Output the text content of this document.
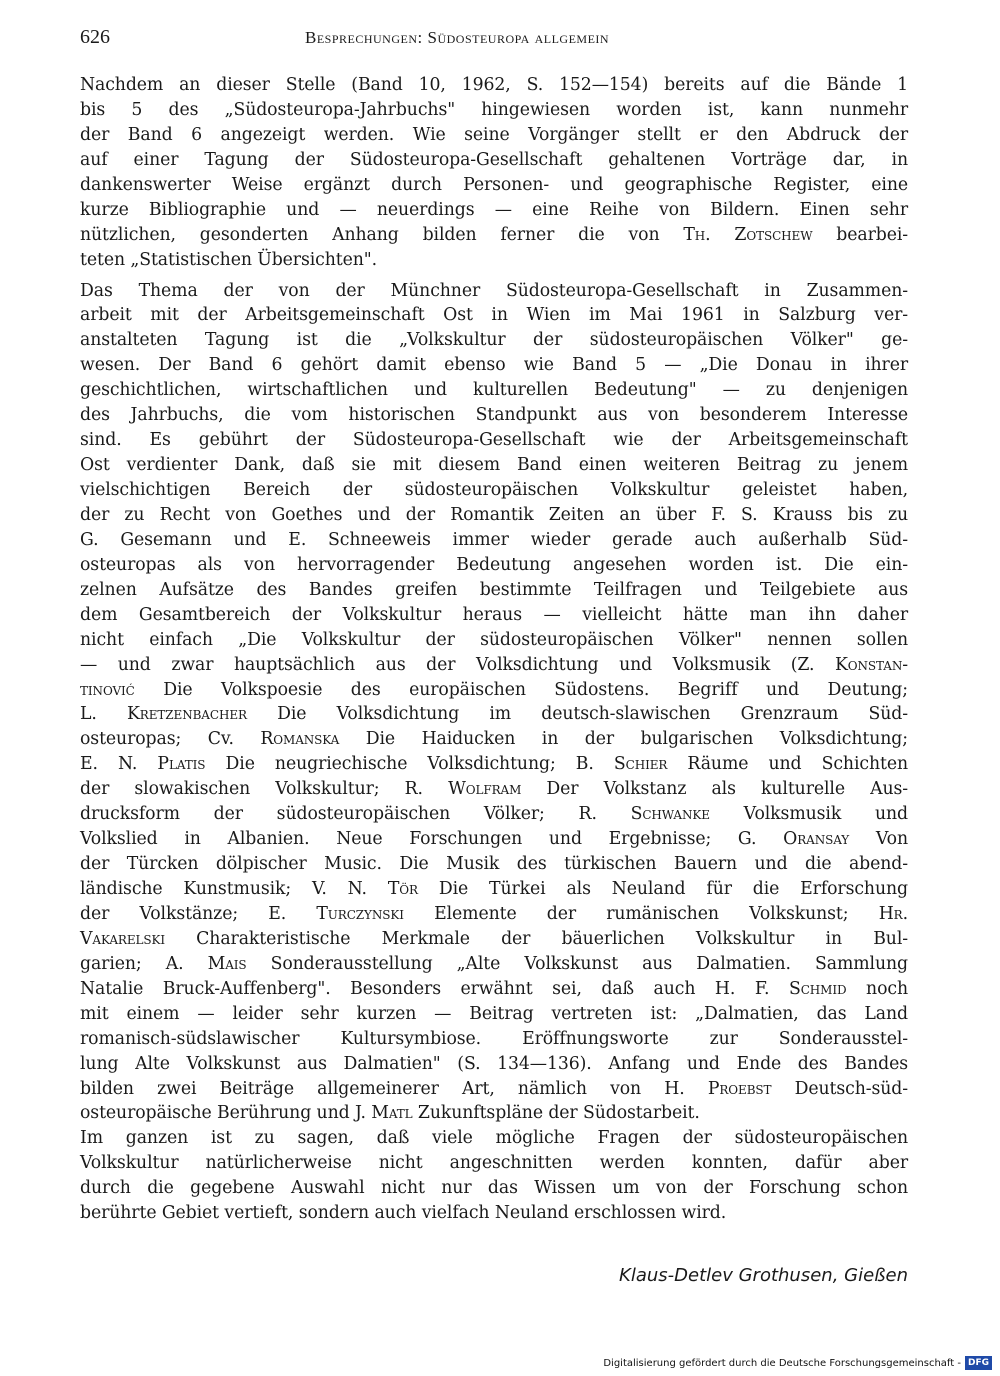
626	Besprechungen: Südosteuropa allgemein
Nachdem an dieser Stelle (Band 10, 1962, S. 152—154) bereits auf die Bände 1
bis 5 des „Südosteuropa-Jahrbuchs" hingewiesen worden ist, kann nunmehr
der Band 6 angezeigt werden. Wie seine Vorgänger stellt er den Abdruck der
auf einer Tagung der Südosteuropa-Gesellschaft gehaltenen Vorträge dar, in
dankenswerter Weise ergänzt durch Personen- und geographische Register, eine
kurze Bibliographie und — neuerdings — eine Reihe von Bildern. Einen sehr
nützlichen, gesonderten Anhang bilden ferner die von Th. Zotschew bearbei-
teten „Statistischen Übersichten".
Das Thema der von der Münchner Südosteuropa-Gesellschaft in Zusammen-
arbeit mit der Arbeitsgemeinschaft Ost in Wien im Mai 1961 in Salzburg ver-
anstalteten Tagung ist die „Volkskultur der südosteuropäischen Völker" ge-
wesen. Der Band 6 gehört damit ebenso wie Band 5 — „Die Donau in ihrer
geschichtlichen, wirtschaftlichen und kulturellen Bedeutung" — zu denjenigen
des Jahrbuchs, die vom historischen Standpunkt aus von besonderem Interesse
sind. Es gebührt der Südosteuropa-Gesellschaft wie der Arbeitsgemeinschaft
Ost verdienter Dank, daß sie mit diesem Band einen weiteren Beitrag zu jenem
vielschichtigen Bereich der südosteuropäischen Volkskultur geleistet haben,
der zu Recht von Goethes und der Romantik Zeiten an über F. S. Krauss bis zu
G. Gesemann und E. Schneeweis immer wieder gerade auch außerhalb Süd-
osteuropas als von hervorragender Bedeutung angesehen worden ist. Die ein-
zelnen Aufsätze des Bandes greifen bestimmte Teilfragen und Teilgebiete aus
dem Gesamtbereich der Volkskultur heraus — vielleicht hätte man ihn daher
nicht einfach „Die Volkskultur der südosteuropäischen Völker" nennen sollen
— und zwar hauptsächlich aus der Volksdichtung und Volksmusik (Z. Konstan-
tinović Die Volkspoesie des europäischen Südostens. Begriff und Deutung;
L. Kretzenbacher Die Volksdichtung im deutsch-slawischen Grenzraum Süd-
osteuropas; Cv. Romanska Die Haiducken in der bulgarischen Volksdichtung;
E. N. Platis Die neugriechische Volksdichtung; B. Schier Räume und Schichten
der slowakischen Volkskultur; R. Wolfram Der Volkstanz als kulturelle Aus-
drucksform der südosteuropäischen Völker; R. Schwanke Volksmusik und
Volkslied in Albanien. Neue Forschungen und Ergebnisse; G. Oransay Von
der Türcken dölpischer Music. Die Musik des türkischen Bauern und die abend-
ländische Kunstmusik; V. N. Tör Die Türkei als Neuland für die Erforschung
der Volkstänze; E. Turczynski Elemente der rumänischen Volkskunst; Hr.
Vakarelski Charakteristische Merkmale der bäuerlichen Volkskultur in Bul-
garien; A. Mais Sonderausstellung „Alte Volkskunst aus Dalmatien. Sammlung
Natalie Bruck-Auffenberg". Besonders erwähnt sei, daß auch H. F. Schmid noch
mit einem — leider sehr kurzen — Beitrag vertreten ist: „Dalmatien, das Land
romanisch-südslawischer Kultursymbiose. Eröffnungsworte zur Sonderausstel-
lung Alte Volkskunst aus Dalmatien" (S. 134—136). Anfang und Ende des Bandes
bilden zwei Beiträge allgemeinerer Art, nämlich von H. Proebst Deutsch-süd-
osteuropäische Berührung und J. Matl Zukunftspläne der Südostarbeit.
Im ganzen ist zu sagen, daß viele mögliche Fragen der südosteuropäischen
Volkskultur natürlicherweise nicht angeschnitten werden konnten, dafür aber
durch die gegebene Auswahl nicht nur das Wissen um von der Forschung schon
berührte Gebiet vertieft, sondern auch vielfach Neuland erschlossen wird.
Klaus-Detlev Grothusen, Gießen
Digitalisierung gefördert durch die Deutsche Forschungsgemeinschaft - DFG
